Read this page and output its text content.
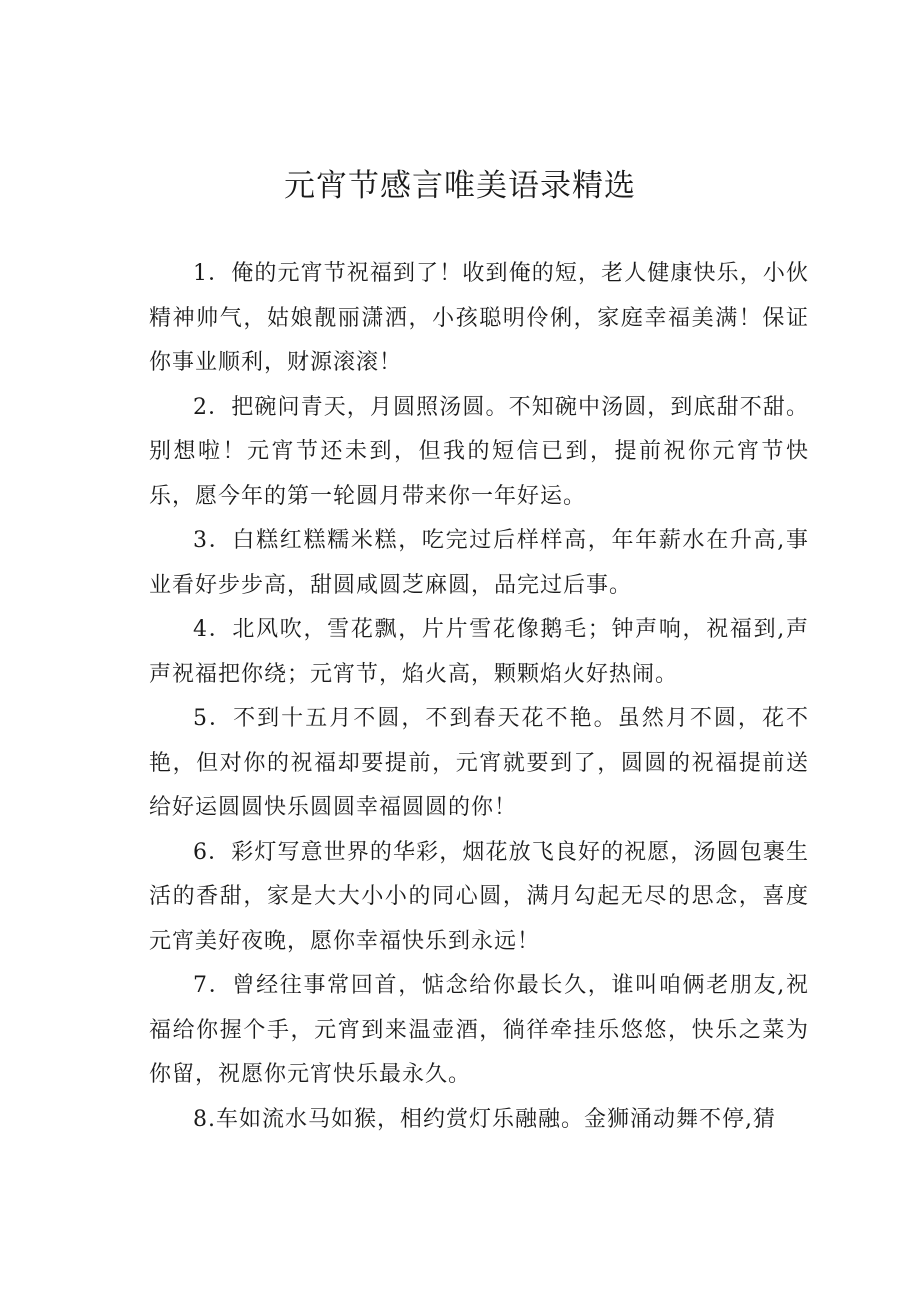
元宵节感言唯美语录精选

1．俺的元宵节祝福到了！收到俺的短，老人健康快乐，小伙精神帅气，姑娘靓丽潇洒，小孩聪明伶俐，家庭幸福美满！保证你事业顺利，财源滚滚！

2．把碗问青天，月圆照汤圆。不知碗中汤圆，到底甜不甜。别想啦！元宵节还未到，但我的短信已到，提前祝你元宵节快乐，愿今年的第一轮圆月带来你一年好运。

3．白糕红糕糯米糕，吃完过后样样高，年年薪水在升高,事业看好步步高，甜圆咸圆芝麻圆，品完过后事。

4．北风吹，雪花飘，片片雪花像鹅毛；钟声响，祝福到,声声祝福把你绕；元宵节，焰火高，颗颗焰火好热闹。

5．不到十五月不圆，不到春天花不艳。虽然月不圆，花不艳，但对你的祝福却要提前，元宵就要到了，圆圆的祝福提前送给好运圆圆快乐圆圆幸福圆圆的你！

6．彩灯写意世界的华彩，烟花放飞良好的祝愿，汤圆包裹生活的香甜，家是大大小小的同心圆，满月勾起无尽的思念，喜度元宵美好夜晚，愿你幸福快乐到永远！

7．曾经往事常回首，惦念给你最长久，谁叫咱俩老朋友,祝福给你握个手，元宵到来温壶酒，徜徉牵挂乐悠悠，快乐之菜为你留，祝愿你元宵快乐最永久。

8.车如流水马如猴，相约赏灯乐融融。金狮涌动舞不停,猜
